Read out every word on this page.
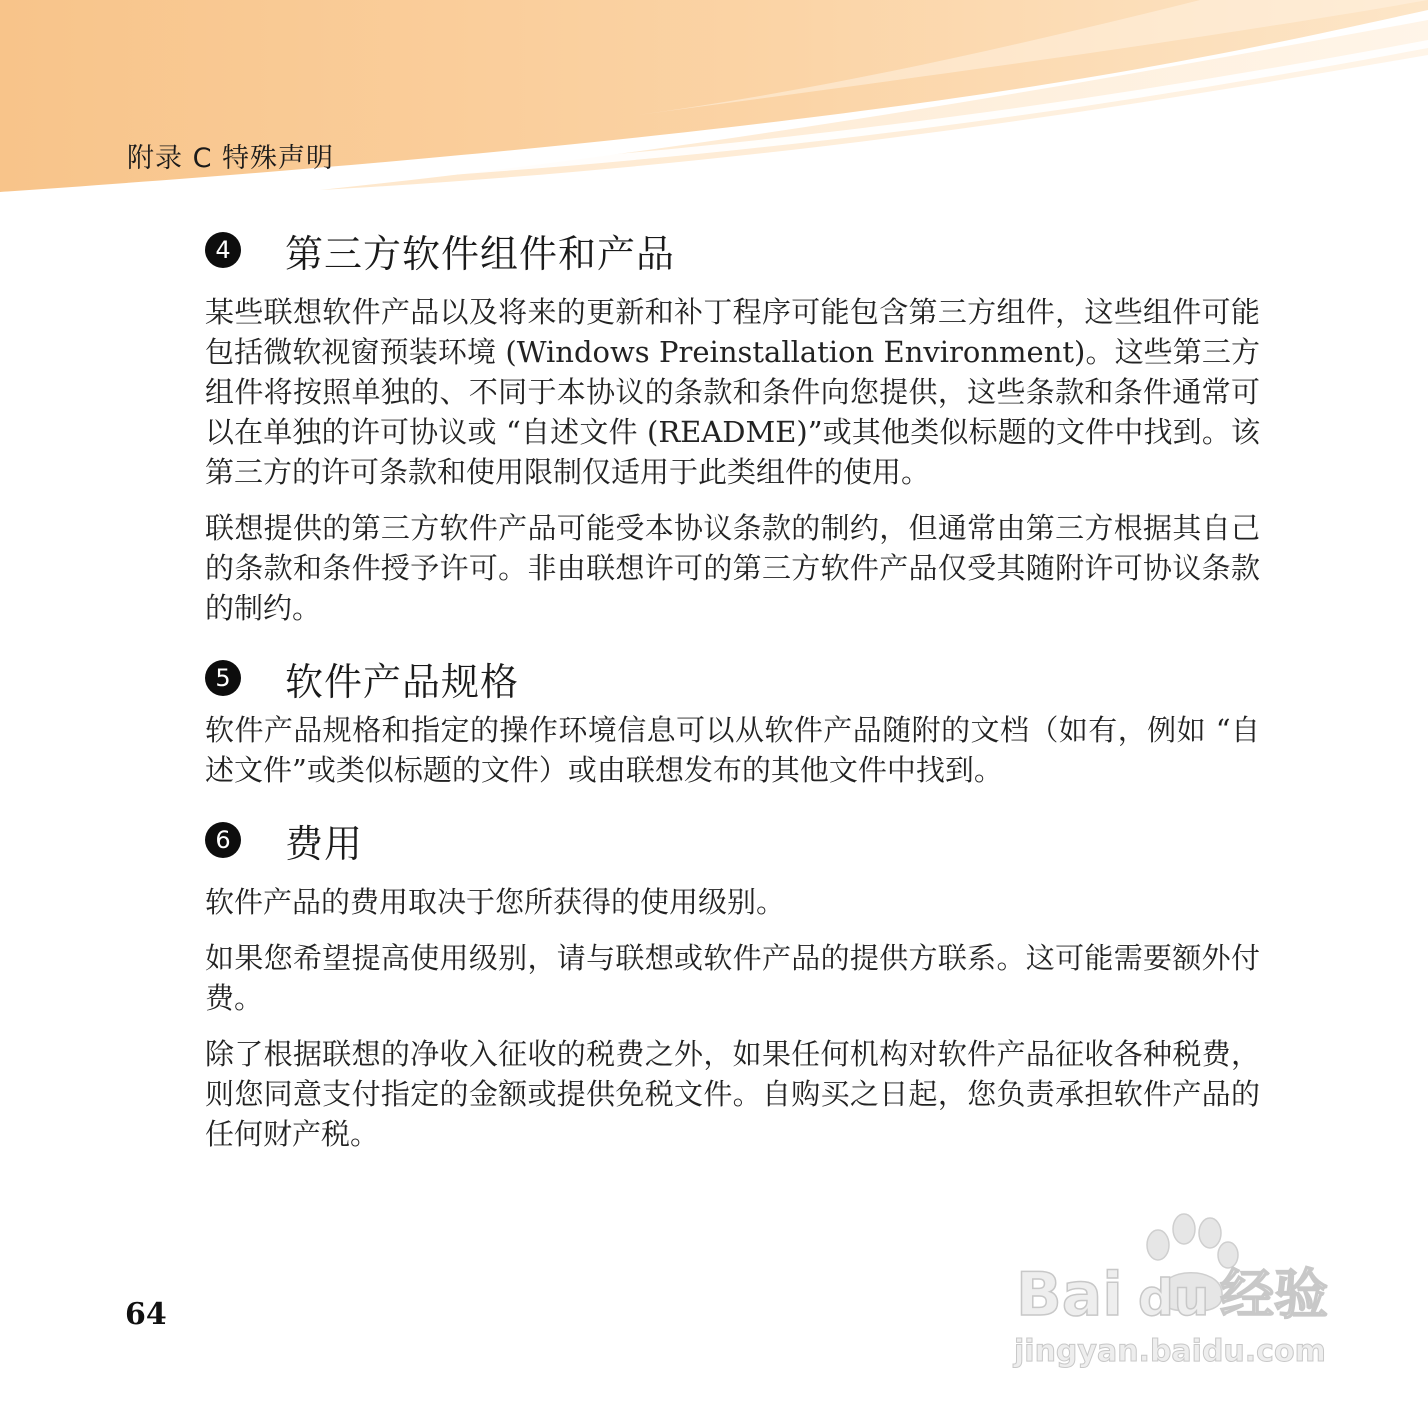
附录 C 特殊声明
4 第三方软件组件和产品

某些联想软件产品以及将来的更新和补丁程序可能包含第三方组件，这些组件可能包括微软视窗预装环境 (Windows Preinstallation Environment)。这些第三方组件将按照单独的、不同于本协议的条款和条件向您提供，这些条款和条件通常可以在单独的许可协议或 “自述文件 (README)”或其他类似标题的文件中找到。该第三方的许可条款和使用限制仅适用于此类组件的使用。

联想提供的第三方软件产品可能受本协议条款的制约，但通常由第三方根据其自己的条款和条件授予许可。非由联想许可的第三方软件产品仅受其随附许可协议条款的制约。

5 软件产品规格

软件产品规格和指定的操作环境信息可以从软件产品随附的文档（如有，例如 “自述文件”或类似标题的文件）或由联想发布的其他文件中找到。

6 费用

软件产品的费用取决于您所获得的使用级别。

如果您希望提高使用级别，请与联想或软件产品的提供方联系。这可能需要额外付费。

除了根据联想的净收入征收的税费之外，如果任何机构对软件产品征收各种税费，则您同意支付指定的金额或提供免税文件。自购买之日起，您负责承担软件产品的任何财产税。

64	Bai du 经验
jingyan.baidu.com
